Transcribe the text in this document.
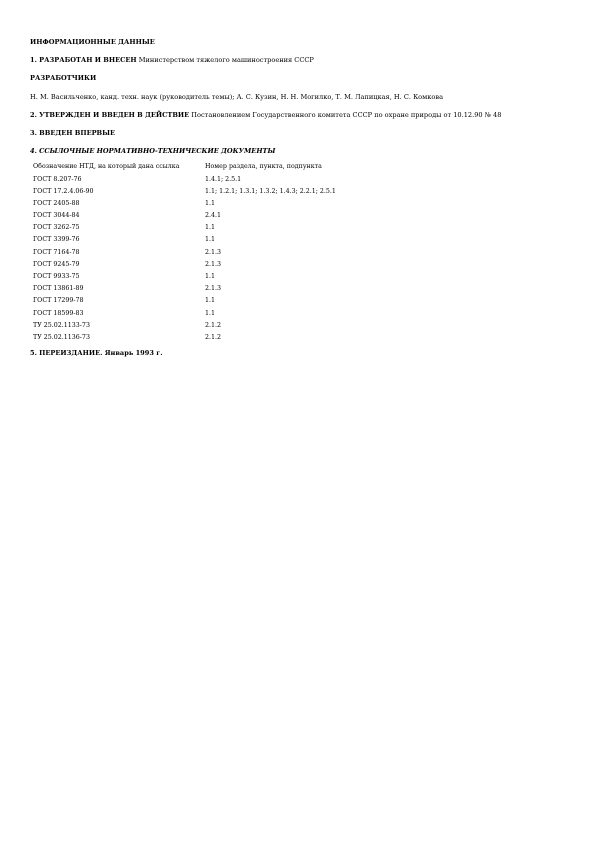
ИНФОРМАЦИОННЫЕ ДАННЫЕ

1. РАЗРАБОТАН И ВНЕСЕН Министерством тяжелого машиностроения СССР

РАЗРАБОТЧИКИ

Н. М. Васильченко, канд. техн. наук (руководитель темы); А. С. Кузин, Н. Н. Могилко, Т. М. Лапицкая, Н. С. Комкова

2. УТВЕРЖДЕН И ВВЕДЕН В ДЕЙСТВИЕ Постановлением Государственного комитета СССР по охране природы от 10.12.90 № 48

3. ВВЕДЕН ВПЕРВЫЕ

4. ССЫЛОЧНЫЕ НОРМАТИВНО-ТЕХНИЧЕСКИЕ ДОКУМЕНТЫ

Обозначение НТД, на который дана ссылка	Номер раздела, пункта, подпункта
ГОСТ 8.207-76	1.4.1; 2.5.1
ГОСТ 17.2.4.06-90	1.1; 1.2.1; 1.3.1; 1.3.2; 1.4.3; 2.2.1; 2.5.1
ГОСТ 2405-88	1.1
ГОСТ 3044-84	2.4.1
ГОСТ 3262-75	1.1
ГОСТ 3399-76	1.1
ГОСТ 7164-78	2.1.3
ГОСТ 9245-79	2.1.3
ГОСТ 9933-75	1.1
ГОСТ 13861-89	2.1.3
ГОСТ 17299-78	1.1
ГОСТ 18599-83	1.1
ТУ 25.02.1133-73	2.1.2
ТУ 25.02.1136-73	2.1.2

5. ПЕРЕИЗДАНИЕ. Январь 1993 г.
